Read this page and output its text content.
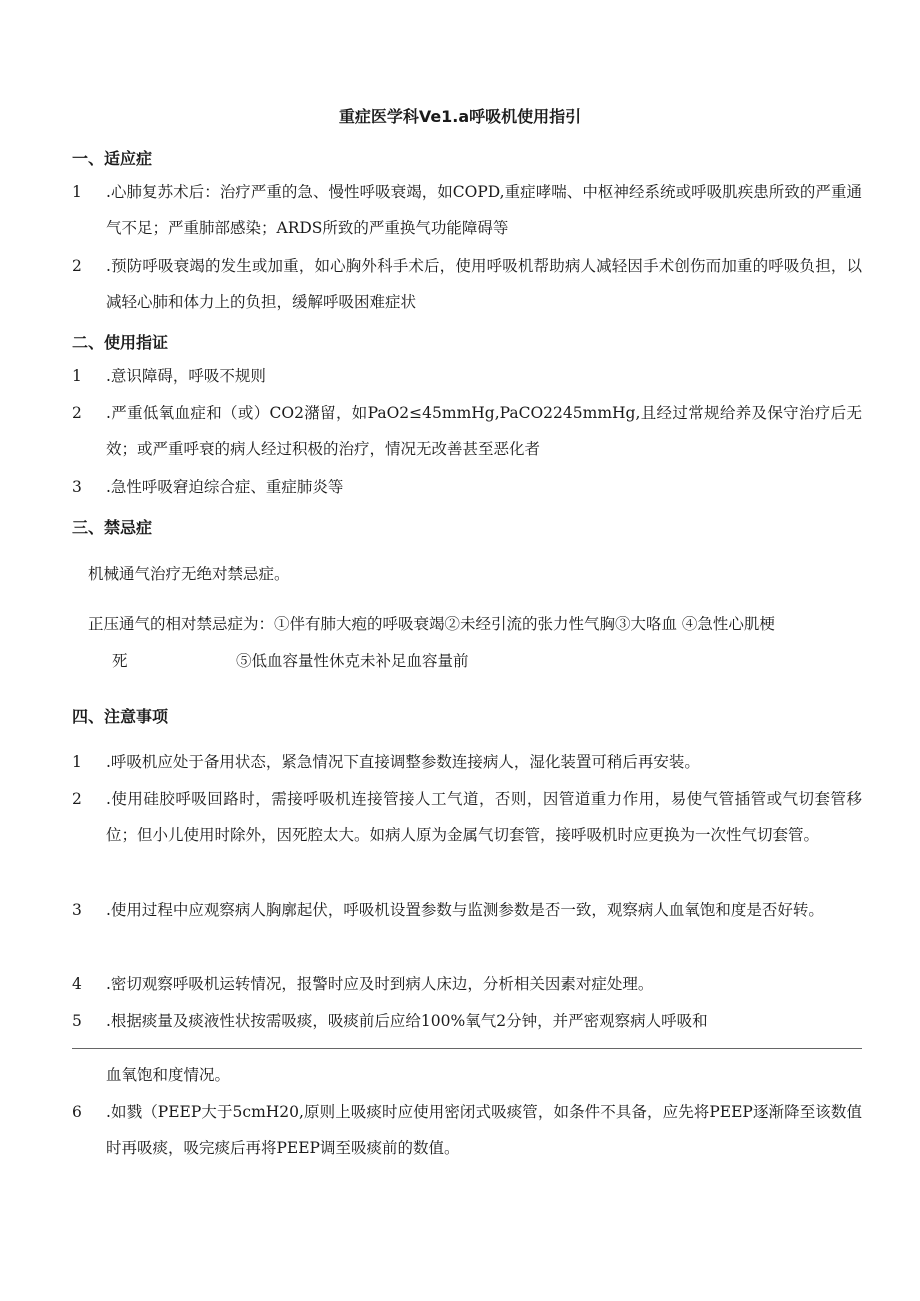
重症医学科Ve1.a呼吸机使用指引
一、适应症
1	.心肺复苏术后：治疗严重的急、慢性呼吸衰竭，如COPD,重症哮喘、中枢神经系统或呼吸肌疾患所致的严重通气不足；严重肺部感染；ARDS所致的严重换气功能障碍等
2	.预防呼吸衰竭的发生或加重，如心胸外科手术后，使用呼吸机帮助病人减轻因手术创伤而加重的呼吸负担，以减轻心肺和体力上的负担，缓解呼吸困难症状
二、使用指证
1	.意识障碍，呼吸不规则
2	.严重低氧血症和（或）CO2潴留，如PaO2≤45mmHg,PaCO2245mmHg,且经过常规给养及保守治疗后无效；或严重呼衰的病人经过积极的治疗，情况无改善甚至恶化者
3	.急性呼吸窘迫综合症、重症肺炎等
三、禁忌症
机械通气治疗无绝对禁忌症。
正压通气的相对禁忌症为：①伴有肺大疱的呼吸衰竭②未经引流的张力性气胸③大咯血 ④急性心肌梗
死	⑤低血容量性休克未补足血容量前
四、注意事项
1	.呼吸机应处于备用状态，紧急情况下直接调整参数连接病人，湿化装置可稍后再安装。
2	.使用硅胶呼吸回路时，需接呼吸机连接管接人工气道，否则，因管道重力作用，易使气管插管或气切套管移位；但小儿使用时除外，因死腔太大。如病人原为金属气切套管，接呼吸机时应更换为一次性气切套管。
3	.使用过程中应观察病人胸廓起伏，呼吸机设置参数与监测参数是否一致，观察病人血氧饱和度是否好转。
4	.密切观察呼吸机运转情况，报警时应及时到病人床边，分析相关因素对症处理。
5	.根据痰量及痰液性状按需吸痰，吸痰前后应给100%氧气2分钟，并严密观察病人呼吸和
血氧饱和度情况。
6	.如戮（PEEP大于5cmH20,原则上吸痰时应使用密闭式吸痰管，如条件不具备，应先将PEEP逐渐降至该数值时再吸痰，吸完痰后再将PEEP调至吸痰前的数值。
